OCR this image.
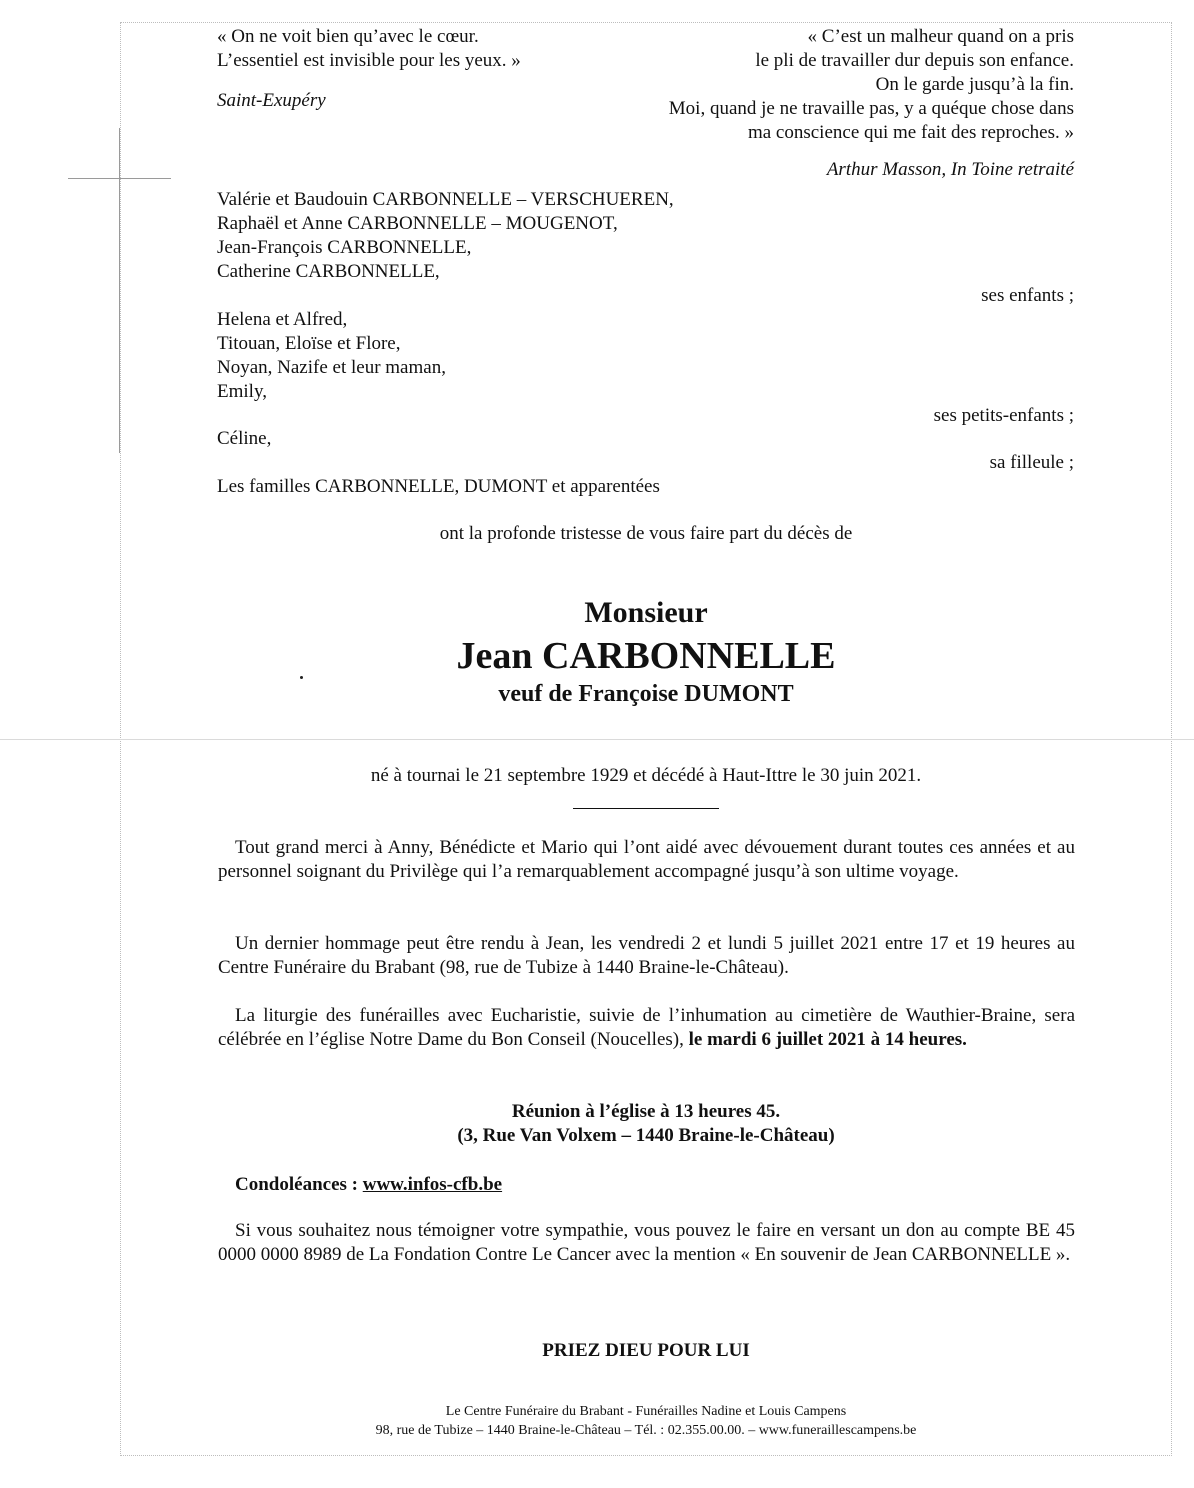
« On ne voit bien qu’avec le cœur.
L’essentiel est invisible pour les yeux. »
Saint-Exupéry
« C’est un malheur quand on a pris
le pli de travailler dur depuis son enfance.
On le garde jusqu’à la fin.
Moi, quand je ne travaille pas, y a quéque chose dans
ma conscience qui me fait des reproches. »
Arthur Masson, In Toine retraité
Valérie et Baudouin CARBONNELLE – VERSCHUEREN,
Raphaël et Anne CARBONNELLE – MOUGENOT,
Jean-François CARBONNELLE,
Catherine CARBONNELLE,
ses enfants ;
Helena et Alfred,
Titouan, Eloïse et Flore,
Noyan, Nazife et leur maman,
Emily,
ses petits-enfants ;
Céline,
sa filleule ;
Les familles CARBONNELLE, DUMONT et apparentées
ont la profonde tristesse de vous faire part du décès de
Monsieur
Jean CARBONNELLE
veuf de Françoise DUMONT
né à tournai le 21 septembre 1929 et décédé à Haut-Ittre le 30 juin 2021.
Tout grand merci à Anny, Bénédicte et Mario qui l’ont aidé avec dévouement durant toutes ces années et au personnel soignant du Privilège qui l’a remarquablement accompagné jusqu’à son ultime voyage.
Un dernier hommage peut être rendu à Jean, les vendredi 2 et lundi 5 juillet 2021 entre 17 et 19 heures au Centre Funéraire du Brabant (98, rue de Tubize à 1440 Braine-le-Château).
La liturgie des funérailles avec Eucharistie, suivie de l’inhumation au cimetière de Wauthier-Braine, sera célébrée en l’église Notre Dame du Bon Conseil (Noucelles), le mardi 6 juillet 2021 à 14 heures.
Réunion à l’église à 13 heures 45.
(3, Rue Van Volxem – 1440 Braine-le-Château)
Condoléances : www.infos-cfb.be
Si vous souhaitez nous témoigner votre sympathie, vous pouvez le faire en versant un don au compte BE 45 0000 0000 8989 de La Fondation Contre Le Cancer avec la mention « En souvenir de Jean CARBONNELLE ».
PRIEZ DIEU POUR LUI
Le Centre Funéraire du Brabant - Funérailles Nadine et Louis Campens
98, rue de Tubize – 1440 Braine-le-Château – Tél. : 02.355.00.00. – www.funeraillescampens.be
